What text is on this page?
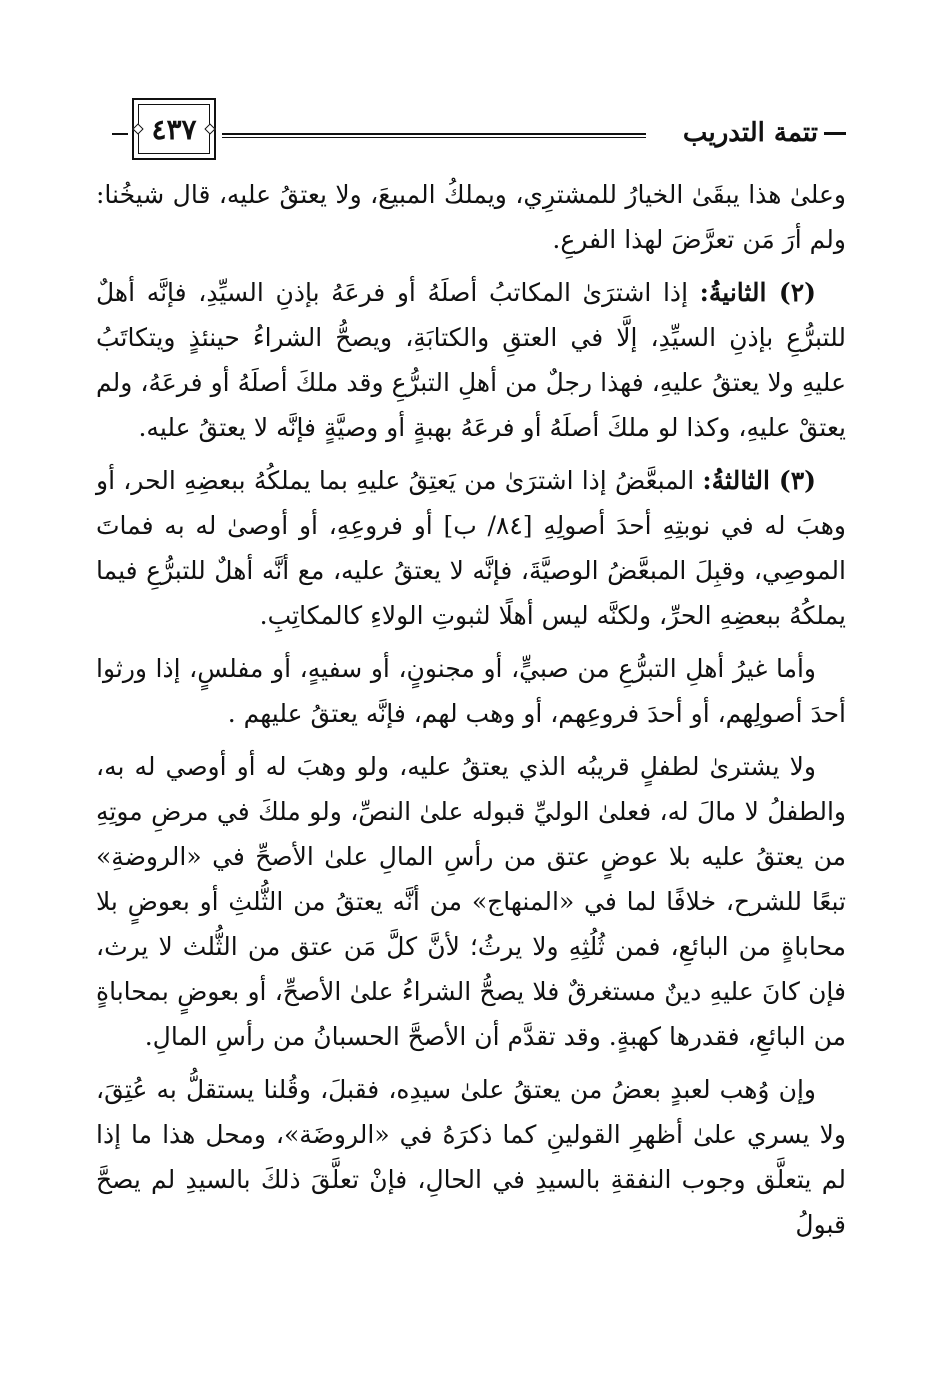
تتمة التدريب
٤٣٧

وعلىٰ هذا يبقَىٰ الخيارُ للمشترِي، ويملكُ المبيعَ، ولا يعتقُ عليه، قال شيخُنا: ولم أرَ مَن تعرَّضَ لهذا الفرعِ.

(٢) الثانيةُ: إذا اشترَىٰ المكاتبُ أصلَهُ أو فرعَهُ بإذنِ السيِّدِ، فإنَّه أهلٌ للتبرُّعِ بإذنِ السيِّدِ، إلَّا في العتقِ والكتابَةِ، ويصحُّ الشراءُ حينئذٍ ويتكاتَبُ عليهِ ولا يعتقُ عليهِ، فهذا رجلٌ من أهلِ التبرُّعِ وقد ملكَ أصلَهُ أو فرعَهُ، ولم يعتقْ عليهِ، وكذا لو ملكَ أصلَهُ أو فرعَهُ بهبةٍ أو وصيَّةٍ فإنَّه لا يعتقُ عليه.

(٣) الثالثةُ: المبعَّضُ إذا اشترَىٰ من يَعتِقُ عليهِ بما يملكُهُ ببعضِهِ الحر، أو وهبَ له في نوبتِهِ أحدَ أصولِهِ [٨٤/ ب] أو فروعِهِ، أو أوصىٰ له به فماتَ الموصِي، وقبِلَ المبعَّضُ الوصيَّةَ، فإنَّه لا يعتقُ عليه، مع أنَّه أهلٌ للتبرُّعِ فيما يملكُهُ ببعضِهِ الحرِّ، ولكنَّه ليس أهلًا لثبوتِ الولاءِ كالمكاتِبِ.

وأما غيرُ أهلِ التبرُّعِ من صبيٍّ، أو مجنونٍ، أو سفيهٍ، أو مفلسٍ، إذا ورثوا أحدَ أصولِهم، أو أحدَ فروعِهم، أو وهب لهم، فإنَّه يعتقُ عليهم .

ولا يشترىٰ لطفلٍ قريبُه الذي يعتقُ عليه، ولو وهبَ له أو أوصي له به، والطفلُ لا مالَ له، فعلىٰ الوليِّ قبوله علىٰ النصِّ، ولو ملكَ في مرضِ موتِهِ من يعتقُ عليه بلا عوضٍ عتق من رأسِ المالِ علىٰ الأصحِّ في «الروضةِ» تبعًا للشرح، خلافًا لما في «المنهاج» من أنَّه يعتقُ من الثُّلثِ أو بعوضٍ بلا محاباةٍ من البائعِ، فمن ثُلُثِهِ ولا يرثُ؛ لأنَّ كلَّ مَن عتق من الثُّلث لا يرث، فإن كانَ عليهِ دينٌ مستغرقٌ فلا يصحُّ الشراءُ علىٰ الأصحِّ، أو بعوضٍ بمحاباةٍ من البائعِ، فقدرها كهبةٍ. وقد تقدَّم أن الأصحَّ الحسبانُ من رأسِ المالِ.

وإن وُهب لعبدٍ بعضُ من يعتقُ علىٰ سيدِه، فقبلَ، وقُلنا يستقلُّ به عُتِقَ، ولا يسري علىٰ أظهرِ القولينِ كما ذكرَهُ في «الروضَة»، ومحل هذا ما إذا لم يتعلَّق وجوب النفقةِ بالسيدِ في الحالِ، فإنْ تعلَّقَ ذلكَ بالسيدِ لم يصحَّ قبولُ
